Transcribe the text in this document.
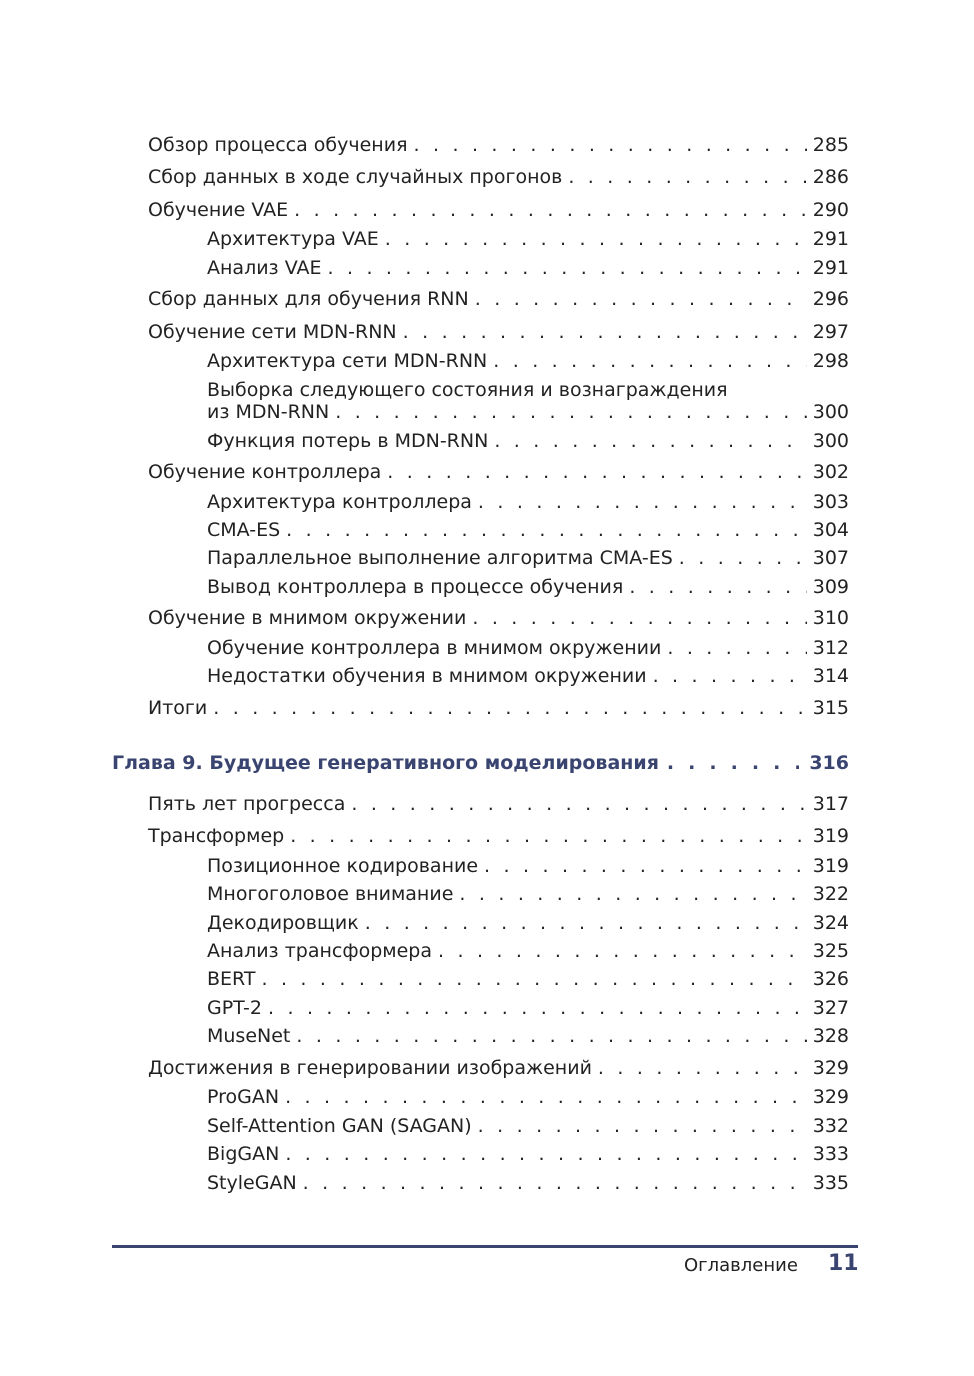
Обзор процесса обучения . . .	285
Сбор данных в ходе случайных прогонов . . .	286
Обучение VAE . . .	290
Архитектура VAE . . .	291
Анализ VAE . . .	291
Сбор данных для обучения RNN . . .	296
Обучение сети MDN-RNN . . .	297
Архитектура сети MDN-RNN . . .	298
Выборка следующего состояния и вознаграждения
из MDN-RNN . . .	300
Функция потерь в MDN-RNN . . .	300
Обучение контроллера . . .	302
Архитектура контроллера . . .	303
CMA-ES . . .	304
Параллельное выполнение алгоритма CMA-ES . . .	307
Вывод контроллера в процессе обучения . . .	309
Обучение в мнимом окружении . . .	310
Обучение контроллера в мнимом окружении . . .	312
Недостатки обучения в мнимом окружении . . .	314
Итоги . . .	315
Глава 9. Будущее генеративного моделирования . . .	316
Пять лет прогресса . . .	317
Трансформер . . .	319
Позиционное кодирование . . .	319
Многоголовое внимание . . .	322
Декодировщик . . .	324
Анализ трансформера . . .	325
BERT . . .	326
GPT-2 . . .	327
MuseNet . . .	328
Достижения в генерировании изображений . . .	329
ProGAN . . .	329
Self-Attention GAN (SAGAN) . . .	332
BigGAN . . .	333
StyleGAN . . .	335
Оглавление 11
